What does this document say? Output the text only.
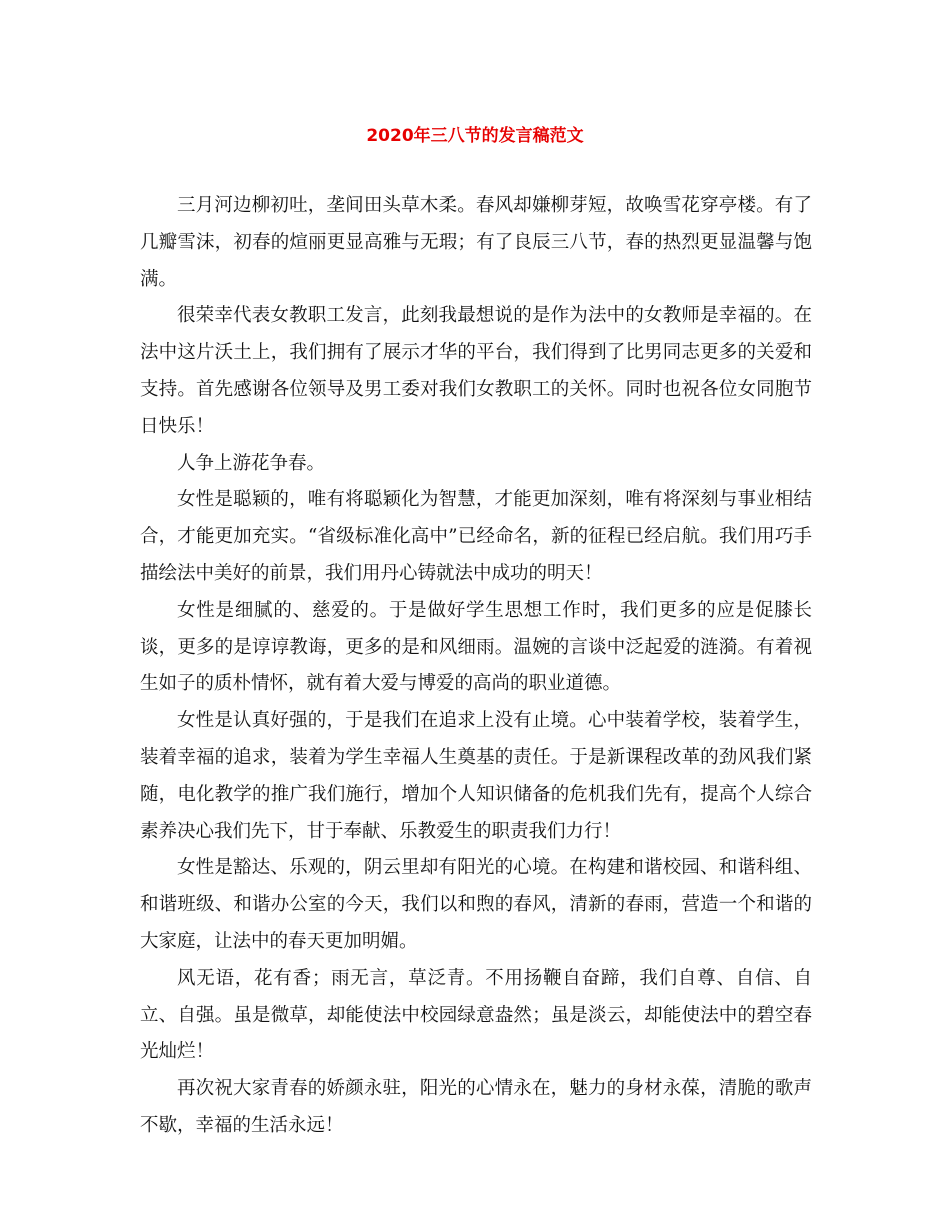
2020年三八节的发言稿范文

三月河边柳初吐，垄间田头草木柔。春风却嫌柳芽短，故唤雪花穿亭楼。有了几瓣雪沫，初春的煊丽更显高雅与无瑕；有了良辰三八节，春的热烈更显温馨与饱满。

很荣幸代表女教职工发言，此刻我最想说的是作为法中的女教师是幸福的。在法中这片沃土上，我们拥有了展示才华的平台，我们得到了比男同志更多的关爱和支持。首先感谢各位领导及男工委对我们女教职工的关怀。同时也祝各位女同胞节日快乐！

人争上游花争春。

女性是聪颖的，唯有将聪颖化为智慧，才能更加深刻，唯有将深刻与事业相结合，才能更加充实。“省级标准化高中”已经命名，新的征程已经启航。我们用巧手描绘法中美好的前景，我们用丹心铸就法中成功的明天！

女性是细腻的、慈爱的。于是做好学生思想工作时，我们更多的应是促膝长谈，更多的是谆谆教诲，更多的是和风细雨。温婉的言谈中泛起爱的涟漪。有着视生如子的质朴情怀，就有着大爱与博爱的高尚的职业道德。

女性是认真好强的，于是我们在追求上没有止境。心中装着学校，装着学生，装着幸福的追求，装着为学生幸福人生奠基的责任。于是新课程改革的劲风我们紧随，电化教学的推广我们施行，增加个人知识储备的危机我们先有，提高个人综合素养决心我们先下，甘于奉献、乐教爱生的职责我们力行！

女性是豁达、乐观的，阴云里却有阳光的心境。在构建和谐校园、和谐科组、和谐班级、和谐办公室的今天，我们以和煦的春风，清新的春雨，营造一个和谐的大家庭，让法中的春天更加明媚。

风无语，花有香；雨无言，草泛青。不用扬鞭自奋蹄，我们自尊、自信、自立、自强。虽是微草，却能使法中校园绿意盎然；虽是淡云，却能使法中的碧空春光灿烂！

再次祝大家青春的娇颜永驻，阳光的心情永在，魅力的身材永葆，清脆的歌声不歇，幸福的生活永远！
